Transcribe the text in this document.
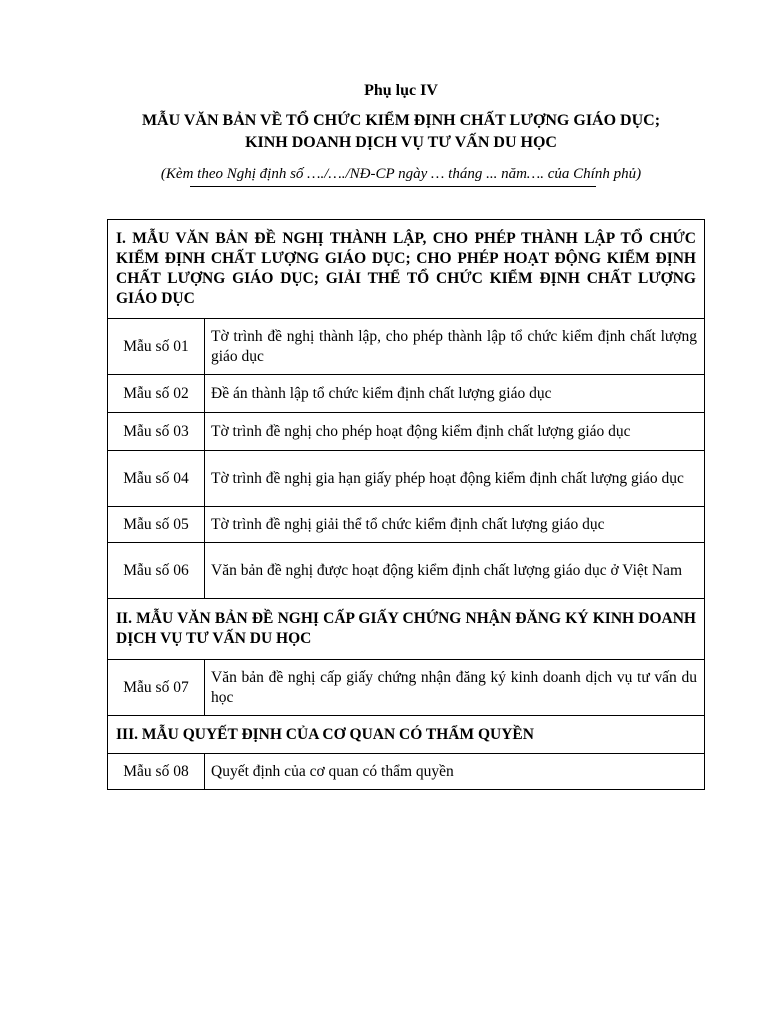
Phụ lục IV
MẪU VĂN BẢN VỀ TỔ CHỨC KIỂM ĐỊNH CHẤT LƯỢNG GIÁO DỤC;
KINH DOANH DỊCH VỤ TƯ VẤN DU HỌC
(Kèm theo Nghị định số …./…./NĐ-CP ngày … tháng ... năm…. của Chính phủ)
I. MẪU VĂN BẢN ĐỀ NGHỊ THÀNH LẬP, CHO PHÉP THÀNH LẬP TỔ CHỨC KIỂM ĐỊNH CHẤT LƯỢNG GIÁO DỤC; CHO PHÉP HOẠT ĐỘNG KIỂM ĐỊNH CHẤT LƯỢNG GIÁO DỤC; GIẢI THỂ TỔ CHỨC KIỂM ĐỊNH CHẤT LƯỢNG GIÁO DỤC	
Mẫu số 01	Tờ trình đề nghị thành lập, cho phép thành lập tổ chức kiểm định chất lượng giáo dục
Mẫu số 02	Đề án thành lập tổ chức kiểm định chất lượng giáo dục
Mẫu số 03	Tờ trình đề nghị cho phép hoạt động kiểm định chất lượng giáo dục
Mẫu số 04	Tờ trình đề nghị gia hạn giấy phép hoạt động kiểm định chất lượng giáo dục
Mẫu số 05	Tờ trình đề nghị giải thể tổ chức kiểm định chất lượng giáo dục
Mẫu số 06	Văn bản đề nghị được hoạt động kiểm định chất lượng giáo dục ở Việt Nam
II. MẪU VĂN BẢN ĐỀ NGHỊ CẤP GIẤY CHỨNG NHẬN ĐĂNG KÝ KINH DOANH DỊCH VỤ TƯ VẤN DU HỌC	
Mẫu số 07	Văn bản đề nghị cấp giấy chứng nhận đăng ký kinh doanh dịch vụ tư vấn du học
III. MẪU QUYẾT ĐỊNH CỦA CƠ QUAN CÓ THẨM QUYỀN	
Mẫu số 08	Quyết định của cơ quan có thẩm quyền
